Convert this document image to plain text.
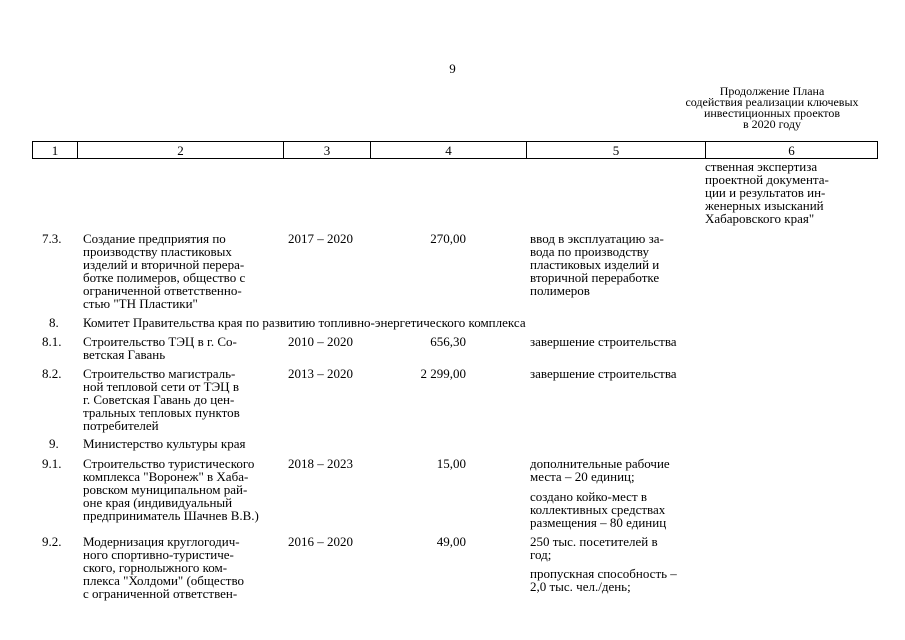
9
Продолжение Плана
содействия реализации ключевых
инвестиционных проектов
в 2020 году
1	2	3	4	5	6
ственная экспертиза
проектной документа-
ции и результатов ин-
женерных изысканий
Хабаровского края"
7.3. Создание предприятия по
производству пластиковых
изделий и вторичной перера-
ботке полимеров, общество с
ограниченной ответственно-
стью "ТН Пластики"
2017 – 2020	270,00	ввод в эксплуатацию за-
вода по производству
пластиковых изделий и
вторичной переработке
полимеров
8. Комитет Правительства края по развитию топливно-энергетического комплекса
8.1. Строительство ТЭЦ в г. Со-
ветская Гавань
2010 – 2020	656,30	завершение строительства
8.2. Строительство магистраль-
ной тепловой сети от ТЭЦ в
г. Советская Гавань до цен-
тральных тепловых пунктов
потребителей
2013 – 2020	2 299,00	завершение строительства
9. Министерство культуры края
9.1. Строительство туристического
комплекса "Воронеж" в Хаба-
ровском муниципальном рай-
оне края (индивидуальный
предприниматель Шачнев В.В.)
2018 – 2023	15,00	дополнительные рабочие
места – 20 единиц;
создано койко-мест в
коллективных средствах
размещения – 80 единиц
9.2. Модернизация круглогодич-
ного спортивно-туристиче-
ского, горнолыжного ком-
плекса "Холдоми" (общество
с ограниченной ответствен-
2016 – 2020	49,00	250 тыс. посетителей в
год;
пропускная способность –
2,0 тыс. чел./день;
